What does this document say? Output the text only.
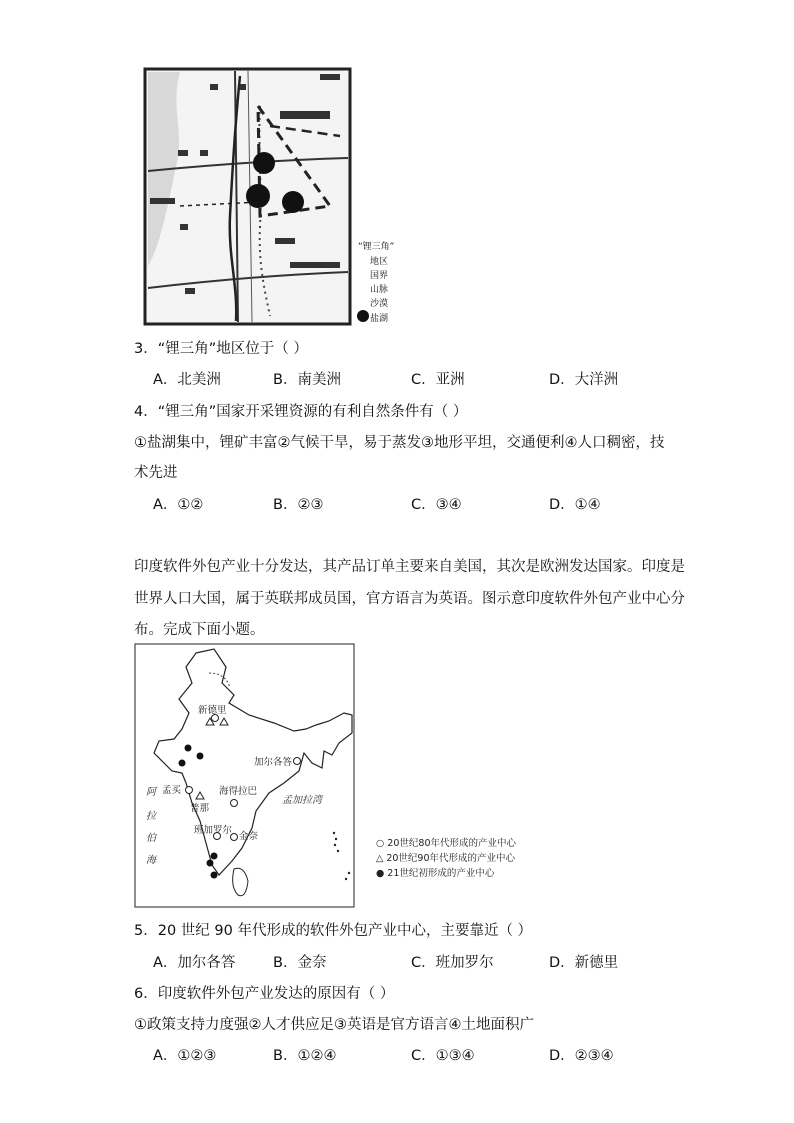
“锂三角”
地区
国界
山脉
沙漠
盐湖
3．“锂三角”地区位于（ ）
A．北美洲	B．南美洲	C．亚洲	D．大洋洲
4．“锂三角”国家开采锂资源的有利自然条件有（ ）
①盐湖集中，锂矿丰富②气候干旱，易于蒸发③地形平坦，交通便利④人口稠密，技
术先进
A．①②	B．②③	C．③④	D．①④
印度软件外包产业十分发达，其产品订单主要来自美国，其次是欧洲发达国家。印度是
世界人口大国，属于英联邦成员国，官方语言为英语。图示意印度软件外包产业中心分
布。完成下面小题。
新德里
加尔各答
孟买	海得拉巴
普那
班加罗尔
金奈
阿
拉
伯
海
孟加拉湾
○ 20世纪80年代形成的产业中心
△ 20世纪90年代形成的产业中心
● 21世纪初形成的产业中心
5．20 世纪 90 年代形成的软件外包产业中心，主要靠近（ ）
A．加尔各答	B．金奈	C．班加罗尔	D．新德里
6．印度软件外包产业发达的原因有（ ）
①政策支持力度强②人才供应足③英语是官方语言④土地面积广
A．①②③	B．①②④	C．①③④	D．②③④
